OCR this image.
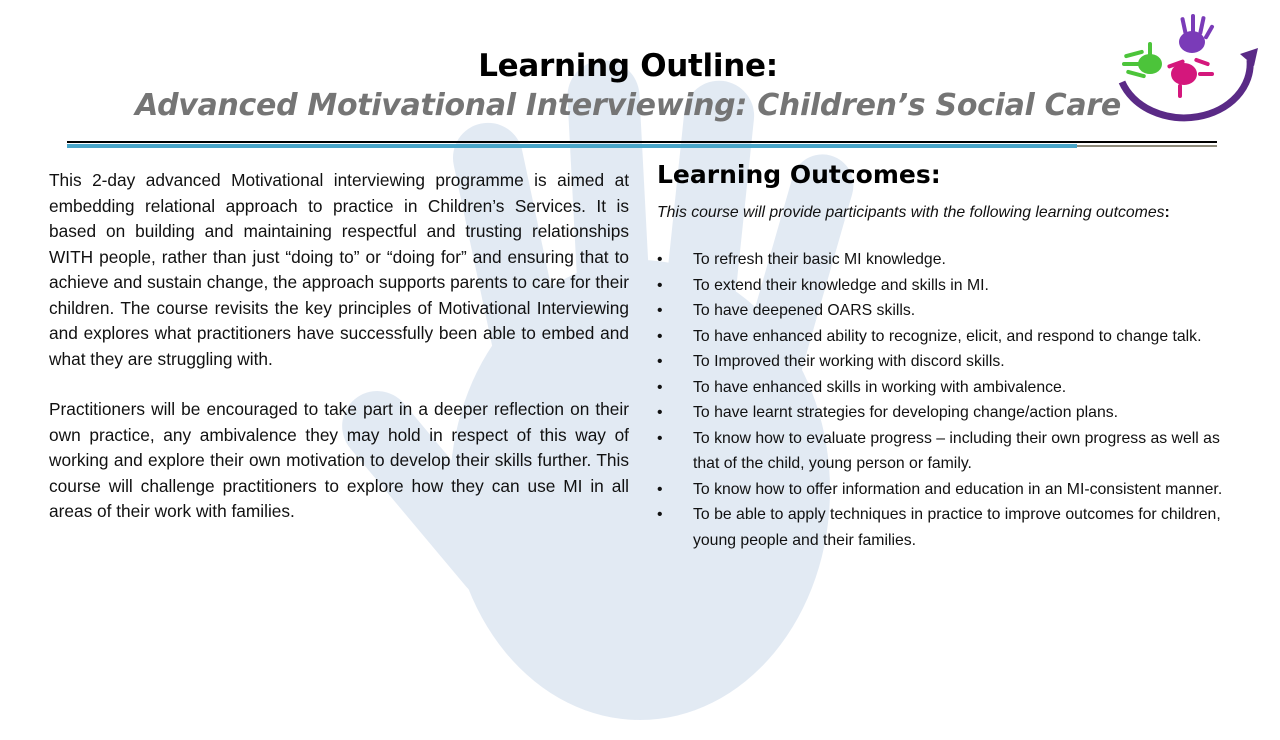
Learning Outline:
Advanced Motivational Interviewing: Children’s Social Care	DCC Interactive

This 2-day advanced Motivational interviewing programme is aimed at embedding relational approach to practice in Children’s Services. It is based on building and maintaining respectful and trusting relationships WITH people, rather than just “doing to” or “doing for” and ensuring that to achieve and sustain change, the approach supports parents to care for their children. The course revisits the key principles of Motivational Interviewing and explores what practitioners have successfully been able to embed and what they are struggling with.

Practitioners will be encouraged to take part in a deeper reflection on their own practice, any ambivalence they may hold in respect of this way of working and explore their own motivation to develop their skills further. This course will challenge practitioners to explore how they can use MI in all areas of their work with families.

Learning Outcomes:
This course will provide participants with the following learning outcomes:
• To refresh their basic MI knowledge.
• To extend their knowledge and skills in MI.
• To have deepened OARS skills.
• To have enhanced ability to recognize, elicit, and respond to change talk.
• To Improved their working with discord skills.
• To have enhanced skills in working with ambivalence.
• To have learnt strategies for developing change/action plans.
• To know how to evaluate progress – including their own progress as well as that of the child, young person or family.
• To know how to offer information and education in an MI-consistent manner.
• To be able to apply techniques in practice to improve outcomes for children, young people and their families.
